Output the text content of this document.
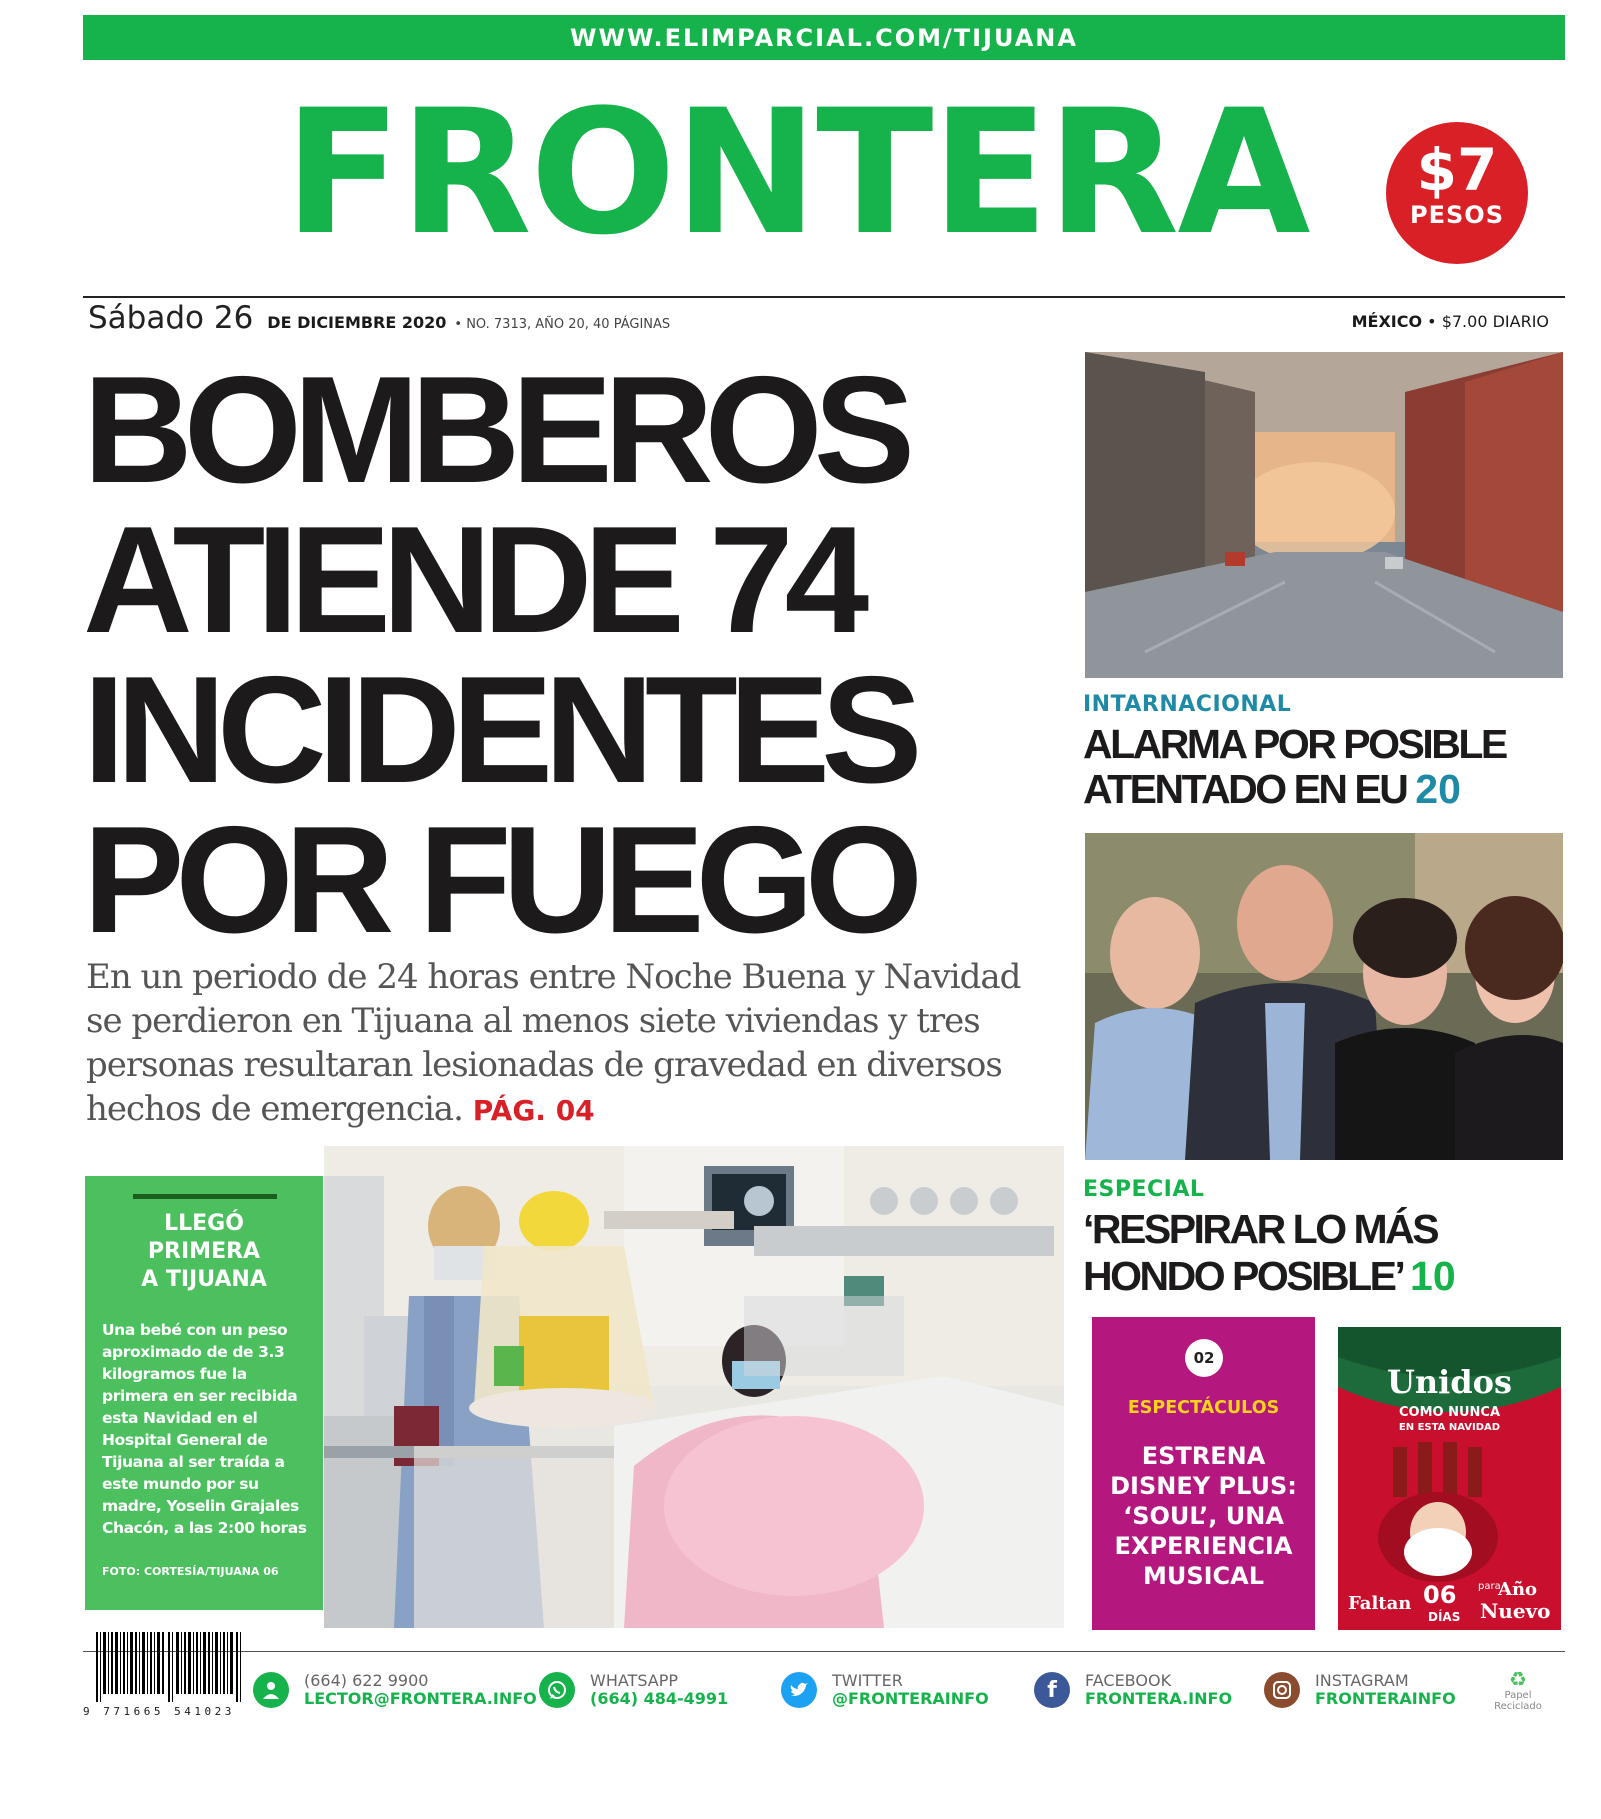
WWW.ELIMPARCIAL.COM/TIJUANA
FRONTERA	$7
PESOS
Sábado 26 DE DICIEMBRE 2020 • NO. 7313, AÑO 20, 40 PÁGINAS	MÉXICO • $7.00 DIARIO
BOMBEROS
ATIENDE 74
INCIDENTES
POR FUEGO
En un periodo de 24 horas entre Noche Buena y Navidad se perdieron en Tijuana al menos siete viviendas y tres personas resultaran lesionadas de gravedad en diversos hechos de emergencia. PÁG. 04
LLEGÓ
PRIMERA
A TIJUANA
Una bebé con un peso aproximado de de 3.3 kilogramos fue la primera en ser recibida esta Navidad en el Hospital General de Tijuana al ser traída a este mundo por su madre, Yoselin Grajales Chacón, a las 2:00 horas
FOTO: CORTESÍA/TIJUANA 06
INTARNACIONAL
ALARMA POR POSIBLE
ATENTADO EN EU 20
ESPECIAL
‘RESPIRAR LO MÁS
HONDO POSIBLE’ 10
02
ESPECTÁCULOS
ESTRENA
DISNEY PLUS:
‘SOUL’, UNA
EXPERIENCIA
MUSICAL
Unidos
COMO NUNCA
EN ESTA NAVIDAD
Faltan 06
DÍAS
para
Año
Nuevo
9 771665 541023
(664) 622 9900
LECTOR@FRONTERA.INFO
WHATSAPP
(664) 484-4991
TWITTER
@FRONTERAINFO	f FACEBOOK
FRONTERA.INFO
INSTAGRAM
FRONTERAINFO
♻
Papel
Reciclado
